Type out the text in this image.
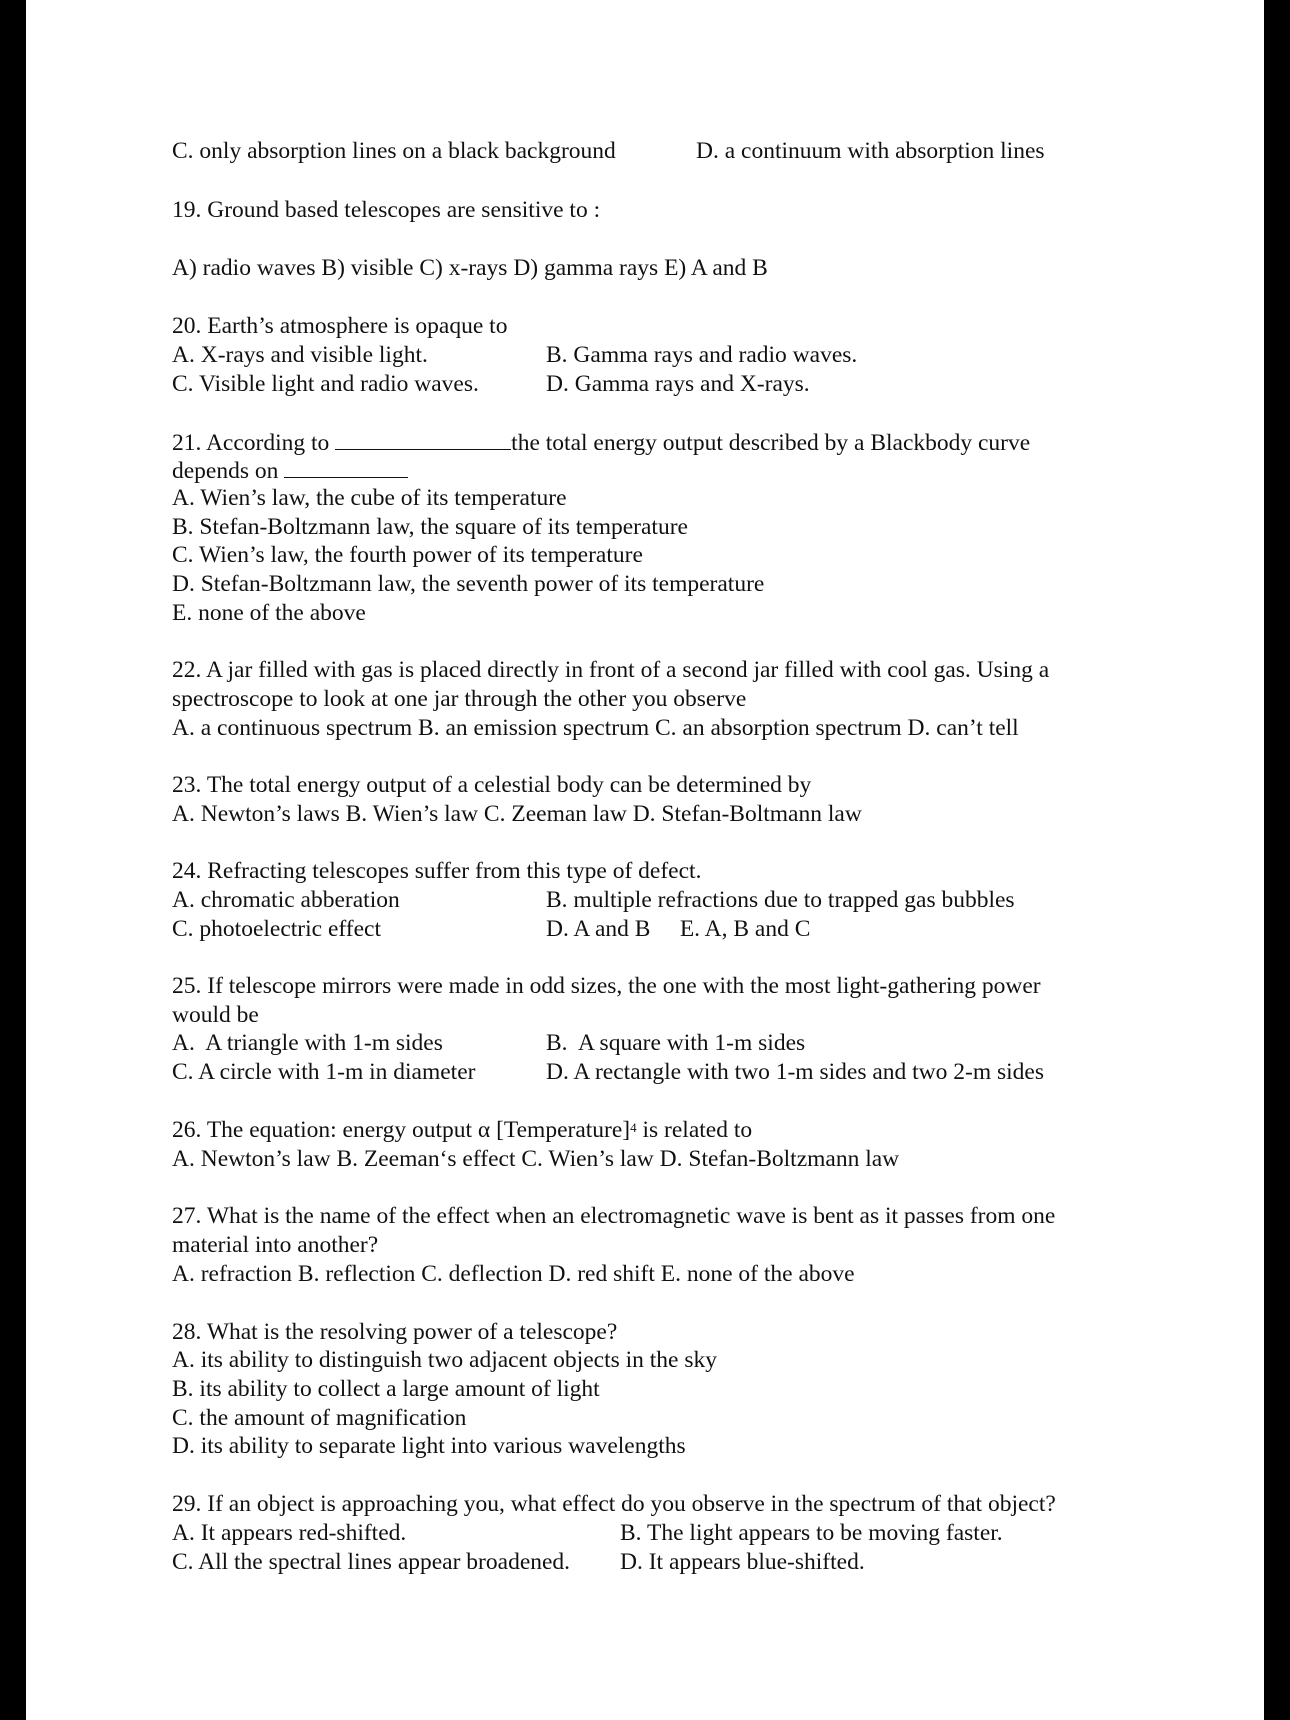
C. only absorption lines on a black background	D. a continuum with absorption lines
19. Ground based telescopes are sensitive to :
A) radio waves B) visible C) x-rays D) gamma rays E) A and B
20. Earth’s atmosphere is opaque to
A. X-rays and visible light.	B. Gamma rays and radio waves.
C. Visible light and radio waves.	D. Gamma rays and X-rays.
21. According to	the total energy output described by a Blackbody curve
depends on
A. Wien’s law, the cube of its temperature
B. Stefan-Boltzmann law, the square of its temperature
C. Wien’s law, the fourth power of its temperature
D. Stefan-Boltzmann law, the seventh power of its temperature
E. none of the above
22. A jar filled with gas is placed directly in front of a second jar filled with cool gas. Using a
spectroscope to look at one jar through the other you observe
A. a continuous spectrum B. an emission spectrum C. an absorption spectrum D. can’t tell
23. The total energy output of a celestial body can be determined by
A. Newton’s laws B. Wien’s law C. Zeeman law D. Stefan-Boltmann law
24. Refracting telescopes suffer from this type of defect.
A. chromatic abberation	B. multiple refractions due to trapped gas bubbles
C. photoelectric effect	D. A and B     E. A, B and C
25. If telescope mirrors were made in odd sizes, the one with the most light-gathering power
would be
A.  A triangle with 1-m sides	B.  A square with 1-m sides
C. A circle with 1-m in diameter	D. A rectangle with two 1-m sides and two 2-m sides
26. The equation: energy output α [Temperature]$^4$ is related to
A. Newton’s law B. Zeeman‘s effect C. Wien’s law D. Stefan-Boltzmann law
27. What is the name of the effect when an electromagnetic wave is bent as it passes from one
material into another?
A. refraction B. reflection C. deflection D. red shift E. none of the above
28. What is the resolving power of a telescope?
A. its ability to distinguish two adjacent objects in the sky
B. its ability to collect a large amount of light
C. the amount of magnification
D. its ability to separate light into various wavelengths
29. If an object is approaching you, what effect do you observe in the spectrum of that object?
A. It appears red-shifted.	B. The light appears to be moving faster.
C. All the spectral lines appear broadened. D. It appears blue-shifted.
